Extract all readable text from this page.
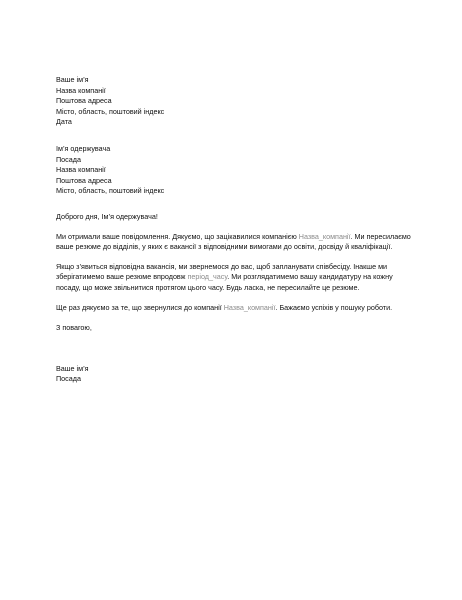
Ваше ім’я
Назва компанії
Поштова адреса
Місто, область, поштовий індекс
Дата
Ім’я одержувача
Посада
Назва компанії
Поштова адреса
Місто, область, поштовий індекс
Доброго дня, Ім’я одержувача!

Ми отримали ваше повідомлення. Дякуємо, що зацікавилися компанією Назва_компанії. Ми пересилаємо ваше резюме до відділів, у яких є вакансії з відповідними вимогами до освіти, досвіду й кваліфікації.

Якщо з’явиться відповідна вакансія, ми звернемося до вас, щоб запланувати співбесіду. Інакше ми зберігатимемо ваше резюме впродовж період_часу. Ми розглядатимемо вашу кандидатуру на кожну посаду, що може звільнитися протягом цього часу. Будь ласка, не пересилайте це резюме.

Ще раз дякуємо за те, що звернулися до компанії Назва_компанії. Бажаємо успіхів у пошуку роботи.

З повагою,
Ваше ім’я
Посада
